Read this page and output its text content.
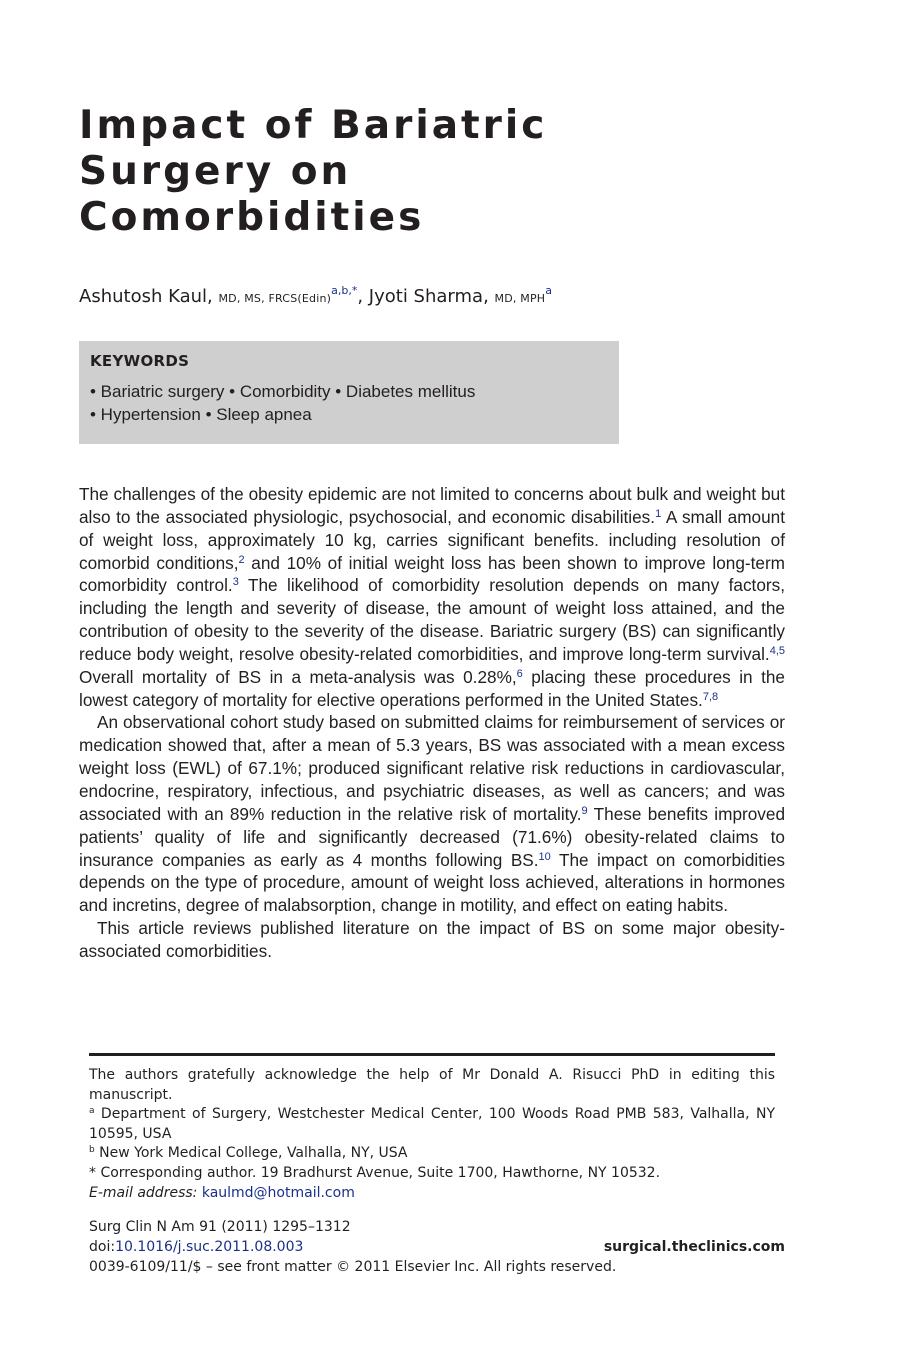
Impact of Bariatric
Surgery on
Comorbidities
Ashutosh Kaul, MD, MS, FRCS(Edin)$^{a,b,*}$, Jyoti Sharma, MD, MPH$^a$
KEYWORDS
• Bariatric surgery • Comorbidity • Diabetes mellitus
• Hypertension • Sleep apnea

The challenges of the obesity epidemic are not limited to concerns about bulk and weight but also to the associated physiologic, psychosocial, and economic disabilities.$^1$ A small amount of weight loss, approximately 10 kg, carries significant benefits. including resolution of comorbid conditions,$^2$ and 10% of initial weight loss has been shown to improve long-term comorbidity control.$^3$ The likelihood of comorbidity resolution depends on many factors, including the length and severity of disease, the amount of weight loss attained, and the contribution of obesity to the severity of the disease. Bariatric surgery (BS) can significantly reduce body weight, resolve obesity-related comorbidities, and improve long-term survival.$^{4,5}$ Overall mortality of BS in a meta-analysis was 0.28%,$^6$ placing these procedures in the lowest category of mortality for elective operations performed in the United States.$^{7,8}$

An observational cohort study based on submitted claims for reimbursement of services or medication showed that, after a mean of 5.3 years, BS was associated with a mean excess weight loss (EWL) of 67.1%; produced significant relative risk reductions in cardiovascular, endocrine, respiratory, infectious, and psychiatric diseases, as well as cancers; and was associated with an 89% reduction in the relative risk of mortality.$^9$ These benefits improved patients’ quality of life and significantly decreased (71.6%) obesity-related claims to insurance companies as early as 4 months following BS.$^{10}$ The impact on comorbidities depends on the type of procedure, amount of weight loss achieved, alterations in hormones and incretins, degree of malabsorption, change in motility, and effect on eating habits.

This article reviews published literature on the impact of BS on some major obesity-associated comorbidities.

The authors gratefully acknowledge the help of Mr Donald A. Risucci PhD in editing this manuscript.

$^a$ Department of Surgery, Westchester Medical Center, 100 Woods Road PMB 583, Valhalla, NY 10595, USA

$^b$ New York Medical College, Valhalla, NY, USA

* Corresponding author. 19 Bradhurst Avenue, Suite 1700, Hawthorne, NY 10532.

E-mail address: kaulmd@hotmail.com

Surg Clin N Am 91 (2011) 1295–1312
doi:10.1016/j.suc.2011.08.003	surgical.theclinics.com
0039-6109/11/$ – see front matter © 2011 Elsevier Inc. All rights reserved.
